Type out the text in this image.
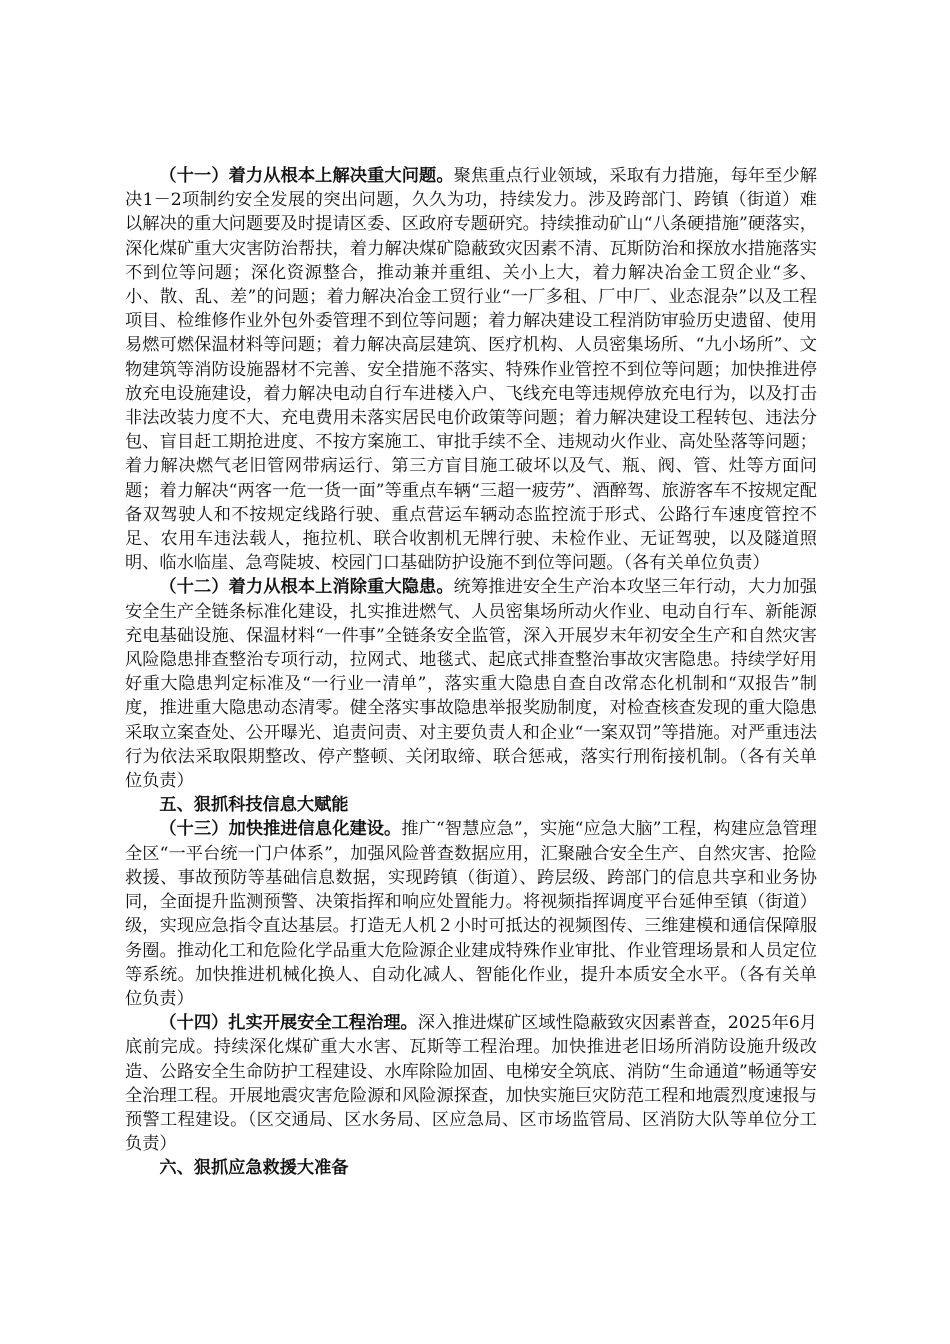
（十一）着力从根本上解决重大问题。聚焦重点行业领域，采取有力措施，每年至少解决1－2项制约安全发展的突出问题，久久为功，持续发力。涉及跨部门、跨镇（街道）难以解决的重大问题要及时提请区委、区政府专题研究。持续推动矿山“八条硬措施”硬落实，深化煤矿重大灾害防治帮扶，着力解决煤矿隐蔽致灾因素不清、瓦斯防治和探放水措施落实不到位等问题；深化资源整合，推动兼并重组、关小上大，着力解决冶金工贸企业“多、小、散、乱、差”的问题；着力解决冶金工贸行业“一厂多租、厂中厂、业态混杂”以及工程项目、检维修作业外包外委管理不到位等问题；着力解决建设工程消防审验历史遗留、使用易燃可燃保温材料等问题；着力解决高层建筑、医疗机构、人员密集场所、“九小场所”、文物建筑等消防设施器材不完善、安全措施不落实、特殊作业管控不到位等问题；加快推进停放充电设施建设，着力解决电动自行车进楼入户、飞线充电等违规停放充电行为，以及打击非法改装力度不大、充电费用未落实居民电价政策等问题；着力解决建设工程转包、违法分包、盲目赶工期抢进度、不按方案施工、审批手续不全、违规动火作业、高处坠落等问题；着力解决燃气老旧管网带病运行、第三方盲目施工破坏以及气、瓶、阀、管、灶等方面问题；着力解决“两客一危一货一面”等重点车辆“三超一疲劳”、酒醉驾、旅游客车不按规定配备双驾驶人和不按规定线路行驶、重点营运车辆动态监控流于形式、公路行车速度管控不足、农用车违法载人，拖拉机、联合收割机无牌行驶、未检作业、无证驾驶，以及隧道照明、临水临崖、急弯陡坡、校园门口基础防护设施不到位等问题。（各有关单位负责）

（十二）着力从根本上消除重大隐患。统筹推进安全生产治本攻坚三年行动，大力加强安全生产全链条标准化建设，扎实推进燃气、人员密集场所动火作业、电动自行车、新能源充电基础设施、保温材料“一件事”全链条安全监管，深入开展岁末年初安全生产和自然灾害风险隐患排查整治专项行动，拉网式、地毯式、起底式排查整治事故灾害隐患。持续学好用好重大隐患判定标准及“一行业一清单”，落实重大隐患自查自改常态化机制和“双报告”制度，推进重大隐患动态清零。健全落实事故隐患举报奖励制度，对检查核查发现的重大隐患采取立案查处、公开曝光、追责问责、对主要负责人和企业“一案双罚”等措施。对严重违法行为依法采取限期整改、停产整顿、关闭取缔、联合惩戒，落实行刑衔接机制。（各有关单位负责）

五、狠抓科技信息大赋能

（十三）加快推进信息化建设。推广“智慧应急”，实施“应急大脑”工程，构建应急管理全区“一平台统一门户体系”，加强风险普查数据应用，汇聚融合安全生产、自然灾害、抢险救援、事故预防等基础信息数据，实现跨镇（街道）、跨层级、跨部门的信息共享和业务协同，全面提升监测预警、决策指挥和响应处置能力。将视频指挥调度平台延伸至镇（街道）级，实现应急指令直达基层。打造无人机２小时可抵达的视频图传、三维建模和通信保障服务圈。推动化工和危险化学品重大危险源企业建成特殊作业审批、作业管理场景和人员定位等系统。加快推进机械化换人、自动化减人、智能化作业，提升本质安全水平。（各有关单位负责）

（十四）扎实开展安全工程治理。深入推进煤矿区域性隐蔽致灾因素普查，2025年6月底前完成。持续深化煤矿重大水害、瓦斯等工程治理。加快推进老旧场所消防设施升级改造、公路安全生命防护工程建设、水库除险加固、电梯安全筑底、消防“生命通道”畅通等安全治理工程。开展地震灾害危险源和风险源探查，加快实施巨灾防范工程和地震烈度速报与预警工程建设。（区交通局、区水务局、区应急局、区市场监管局、区消防大队等单位分工负责）

六、狠抓应急救援大准备
